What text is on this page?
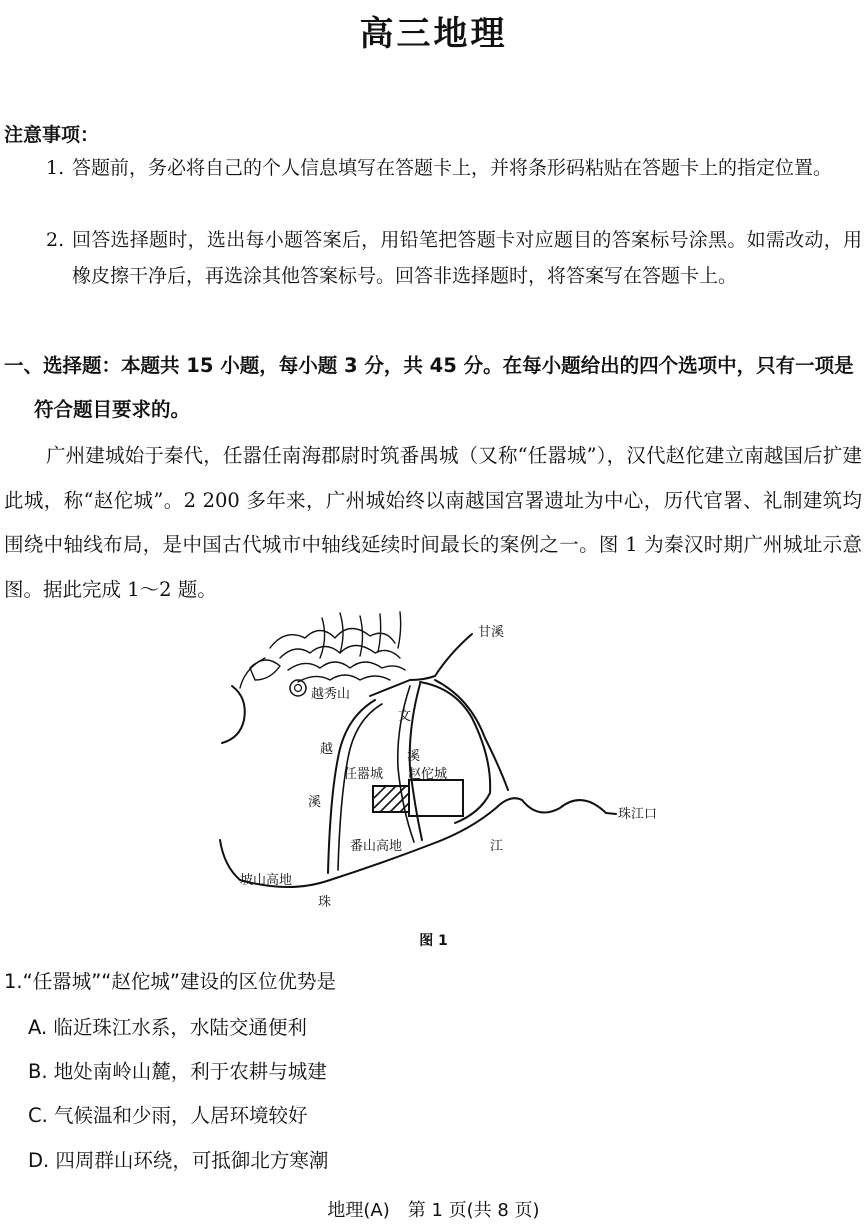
高三地理
注意事项：
1. 答题前，务必将自己的个人信息填写在答题卡上，并将条形码粘贴在答题卡上的指定位置。
2. 回答选择题时，选出每小题答案后，用铅笔把答题卡对应题目的答案标号涂黑。如需改动，用橡皮擦干净后，再选涂其他答案标号。回答非选择题时，将答案写在答题卡上。
一、选择题：本题共 15 小题，每小题 3 分，共 45 分。在每小题给出的四个选项中，只有一项是
符合题目要求的。
广州建城始于秦代，任嚣任南海郡尉时筑番禺城（又称“任嚣城”），汉代赵佗建立南越国后扩建此城，称“赵佗城”。2 200 多年来，广州城始终以南越国宫署遗址为中心，历代官署、礼制建筑均围绕中轴线布局，是中国古代城市中轴线延续时间最长的案例之一。图 1 为秦汉时期广州城址示意图。据此完成 1～2 题。
甘溪
越秀山
文
越	溪
任嚣城 赵佗城
溪
珠江口
番山高地	江
坡山高地
珠
图 1
1.“任嚣城”“赵佗城”建设的区位优势是
A. 临近珠江水系，水陆交通便利
B. 地处南岭山麓，利于农耕与城建
C. 气候温和少雨，人居环境较好
D. 四周群山环绕，可抵御北方寒潮
地理(A)　第 1 页(共 8 页)
